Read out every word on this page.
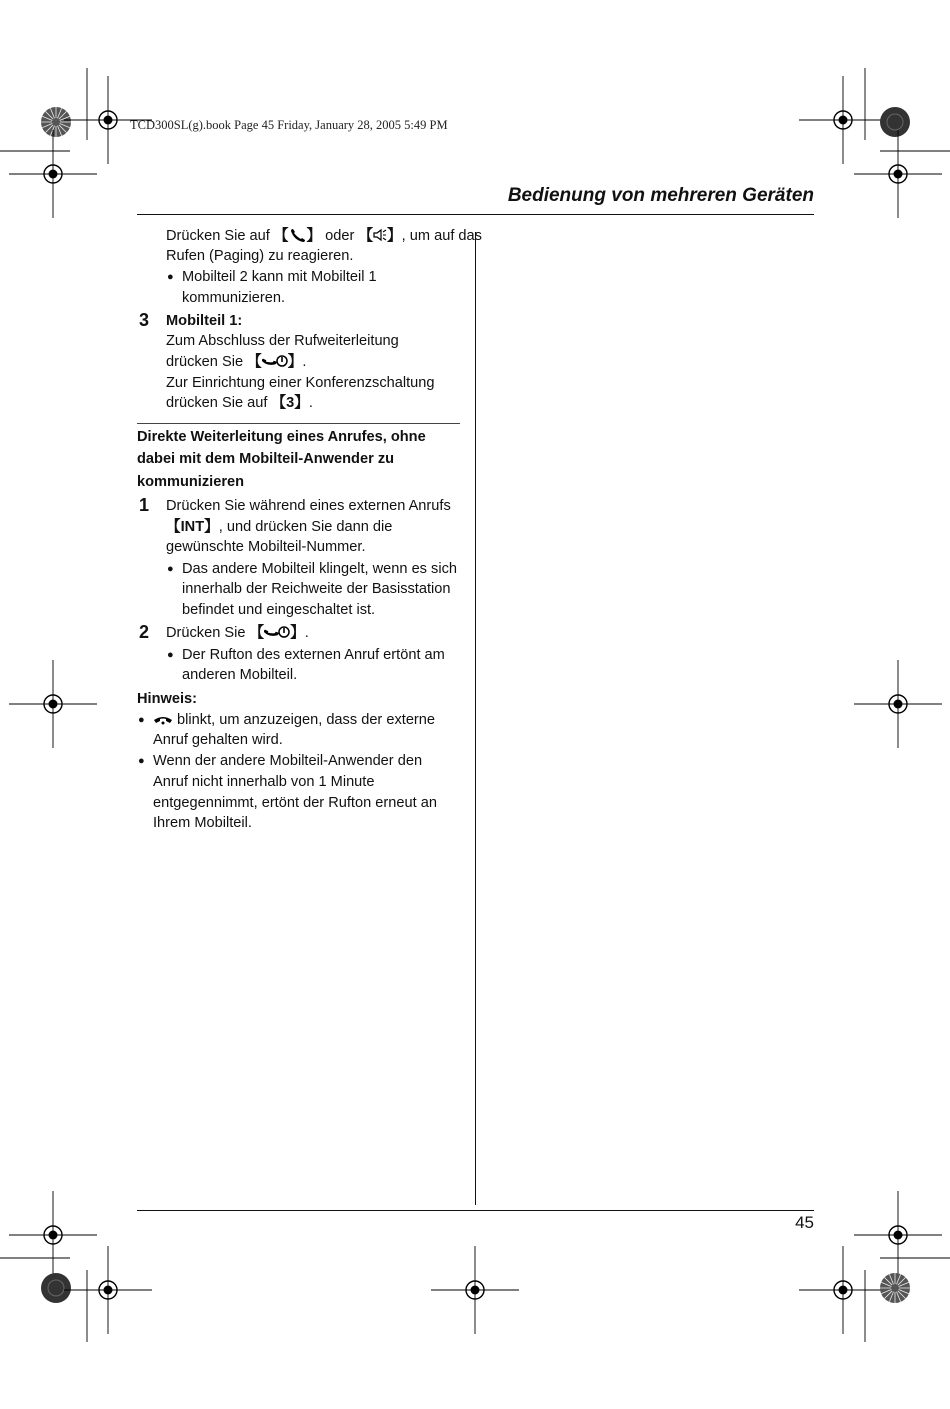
TCD300SL(g).book Page 45 Friday, January 28, 2005 5:49 PM
Bedienung von mehreren Geräten
Drücken Sie auf 【 】 oder 【 】, um auf das
Rufen (Paging) zu reagieren.
● Mobilteil 2 kann mit Mobilteil 1
kommunizieren.
3 Mobilteil 1:
Zum Abschluss der Rufweiterleitung
drücken Sie 【 】.
Zur Einrichtung einer Konferenzschaltung
drücken Sie auf 【3】.
Direkte Weiterleitung eines Anrufes, ohne
dabei mit dem Mobilteil-Anwender zu
kommunizieren
1 Drücken Sie während eines externen Anrufs
【INT】, und drücken Sie dann die
gewünschte Mobilteil-Nummer.
● Das andere Mobilteil klingelt, wenn es sich
innerhalb der Reichweite der Basisstation
befindet und eingeschaltet ist.
2 Drücken Sie 【 】.
● Der Rufton des externen Anruf ertönt am
anderen Mobilteil.
Hinweis:
●	blinkt, um anzuzeigen, dass der externe
Anruf gehalten wird.
● Wenn der andere Mobilteil-Anwender den
Anruf nicht innerhalb von 1 Minute
entgegennimmt, ertönt der Rufton erneut an
Ihrem Mobilteil.
45
